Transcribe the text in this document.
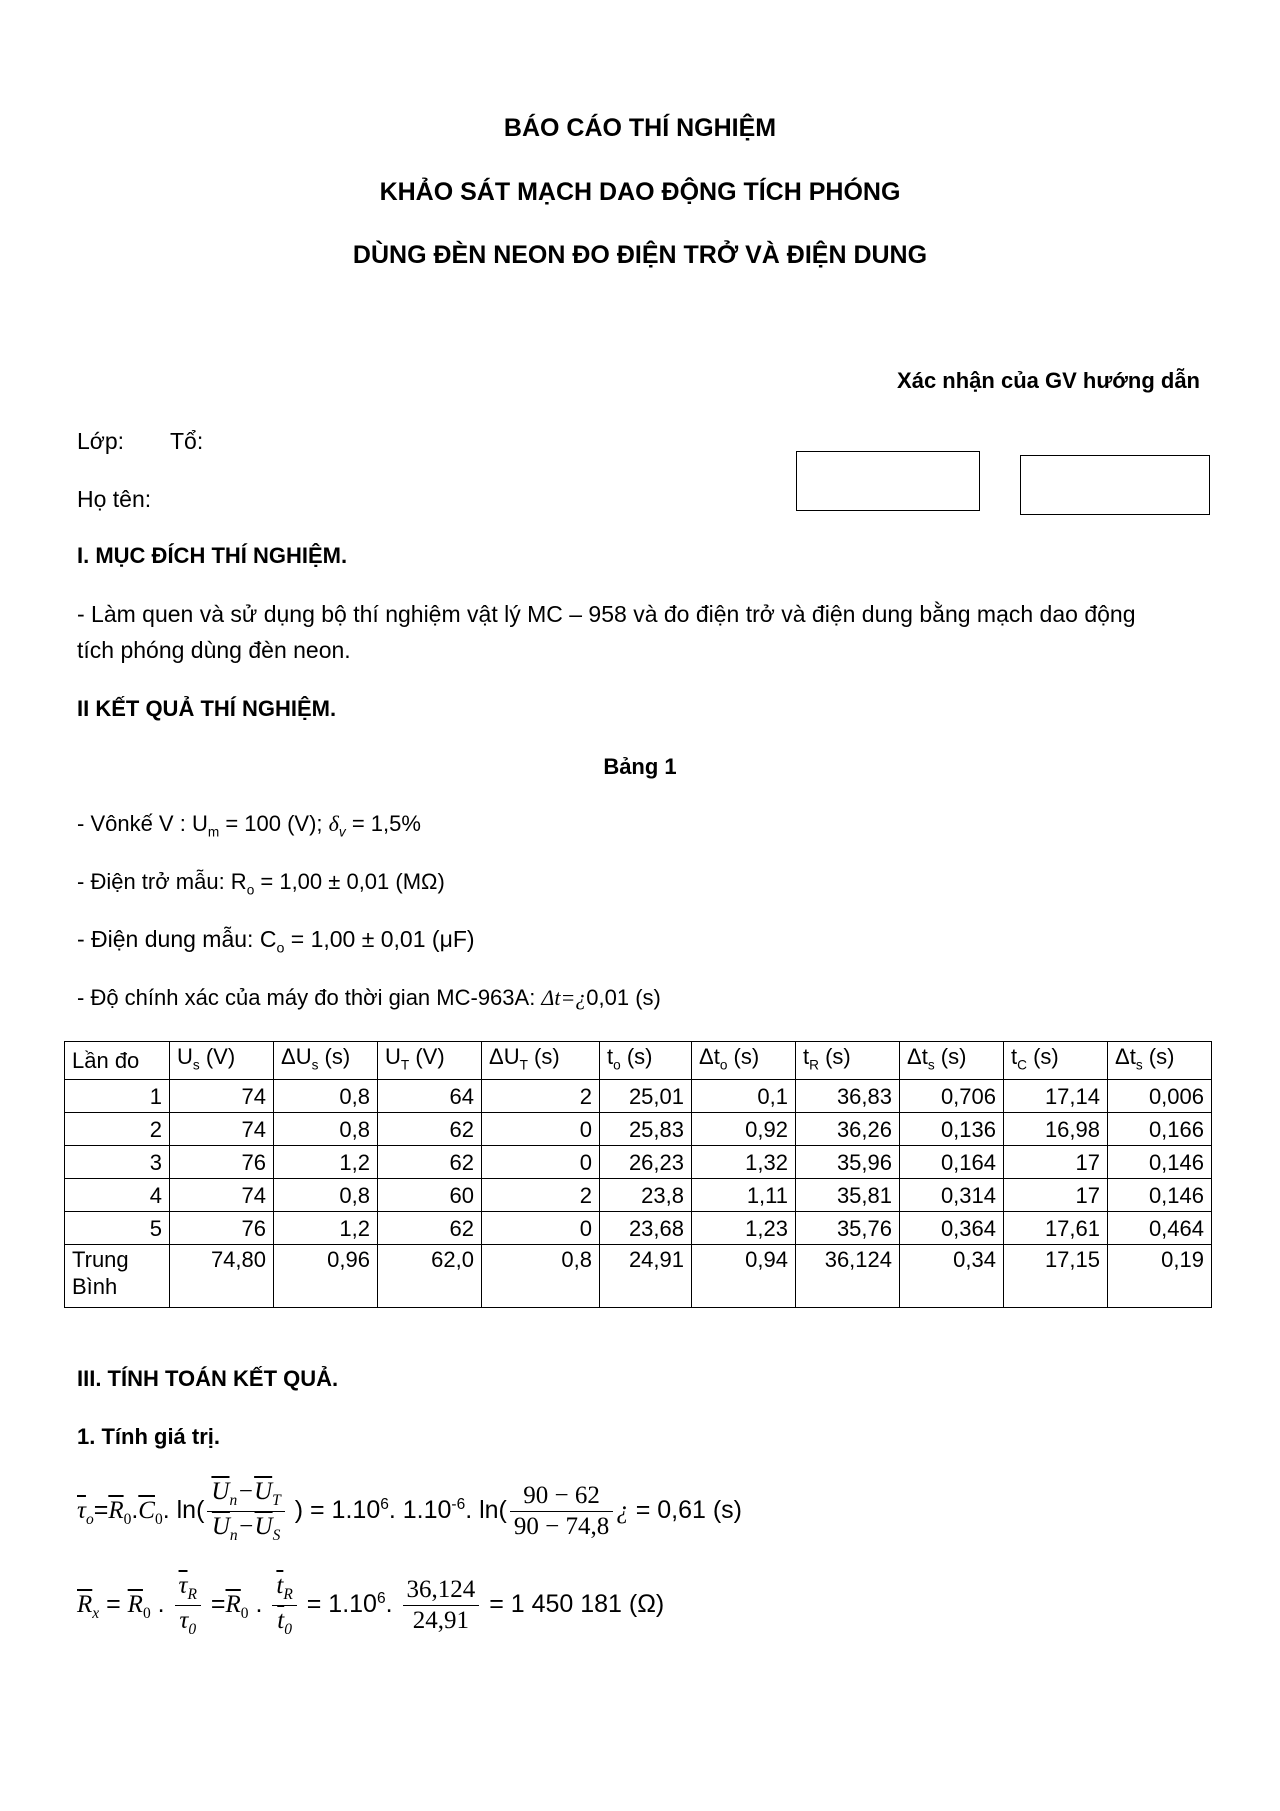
BÁO CÁO THÍ NGHIỆM
KHẢO SÁT MẠCH DAO ĐỘNG TÍCH PHÓNG
DÙNG ĐÈN NEON ĐO ĐIỆN TRỞ VÀ ĐIỆN DUNG
Xác nhận của GV hướng dẫn
Lớp: Tổ:
Họ tên:
I. MỤC ĐÍCH THÍ NGHIỆM.
- Làm quen và sử dụng bộ thí nghiệm vật lý MC – 958 và đo điện trở và điện dung bằng mạch dao động
tích phóng dùng đèn neon.
II KẾT QUẢ THÍ NGHIỆM.
Bảng 1
- Vônkế V : $U_m = 100$ (V); $\delta_v = 1,5\%$
- Điện trở mẫu: $R_o = 1,00 \pm 0,01$ (MΩ)
- Điện dung mẫu: $C_o = 1,00 \pm 0,01$ (μF)
- Độ chính xác của máy đo thời gian MC-963A: Δt=¿0,01 (s)
Lần đo	$U_s$ (V)	$\Delta U_s$ (s)	$U_T$ (V)	$\Delta U_T$ (s)	$t_o$ (s)	$\Delta t_o$ (s)	$t_R$ (s)	$\Delta t_s$ (s)	$t_C$ (s)	$\Delta t_s$ (s)
1	74	0,8	64	2	25,01	0,1	36,83	0,706	17,14	0,006
2	74	0,8	62	0	25,83	0,92	36,26	0,136	16,98	0,166
3	76	1,2	62	0	26,23	1,32	35,96	0,164	17	0,146
4	74	0,8	60	2	23,8	1,11	35,81	0,314	17	0,146
5	76	1,2	62	0	23,68	1,23	35,76	0,364	17,61	0,464
Trung
Bình	74,80	0,96	62,0	0,8	24,91	0,94	36,124	0,34	17,15	0,19
III. TÍNH TOÁN KẾT QUẢ.
1. Tính giá trị.
$\overline{\tau}_o=\overline{R}_0.\overline{C}_0$. $\ln( \frac{\overline{U}_n-\overline{U}_T}{\overline{U}_n-\overline{U}_S}$ ) = $1.10^6$. $1.10^{-6}$. $\ln( \frac{90 - 62}{90 - 74,8}$ ¿ = 0,61 (s)
$\overline{R}_x = \overline{R}_0$ . $\frac{\overline{\tau}_R}{\tau_0} =\overline{R}_0$ . $\frac{\overline{t}_R}{\overline{t}_0} = 1.10^6$. $\frac{36,124}{24,91} = 1$ 450 181 (Ω)
